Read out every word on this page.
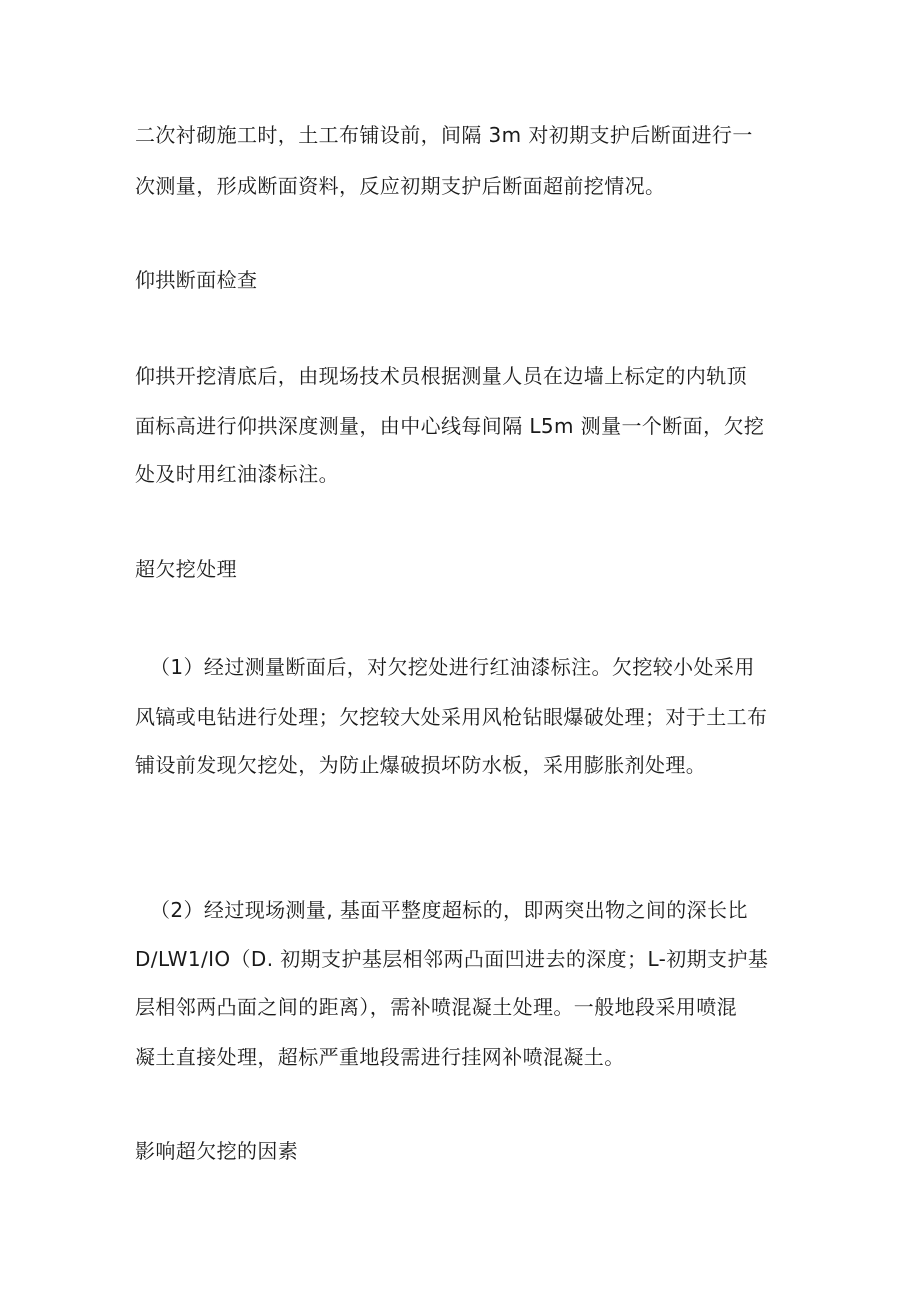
二次衬砌施工时，土工布铺设前，间隔 3m 对初期支护后断面进行一
次测量，形成断面资料，反应初期支护后断面超前挖情况。
仰拱断面检查
仰拱开挖清底后，由现场技术员根据测量人员在边墙上标定的内轨顶
面标高进行仰拱深度测量，由中心线每间隔 L5m 测量一个断面，欠挖
处及时用红油漆标注。
超欠挖处理
（1）经过测量断面后，对欠挖处进行红油漆标注。欠挖较小处采用
风镐或电钻进行处理；欠挖较大处采用风枪钻眼爆破处理；对于土工布
铺设前发现欠挖处，为防止爆破损坏防水板，采用膨胀剂处理。
（2）经过现场测量, 基面平整度超标的，即两突出物之间的深长比
D∕LW1∕IO（D. 初期支护基层相邻两凸面凹进去的深度；L-初期支护基
层相邻两凸面之间的距离），需补喷混凝土处理。一般地段采用喷混
凝土直接处理，超标严重地段需进行挂网补喷混凝土。
影响超欠挖的因素
